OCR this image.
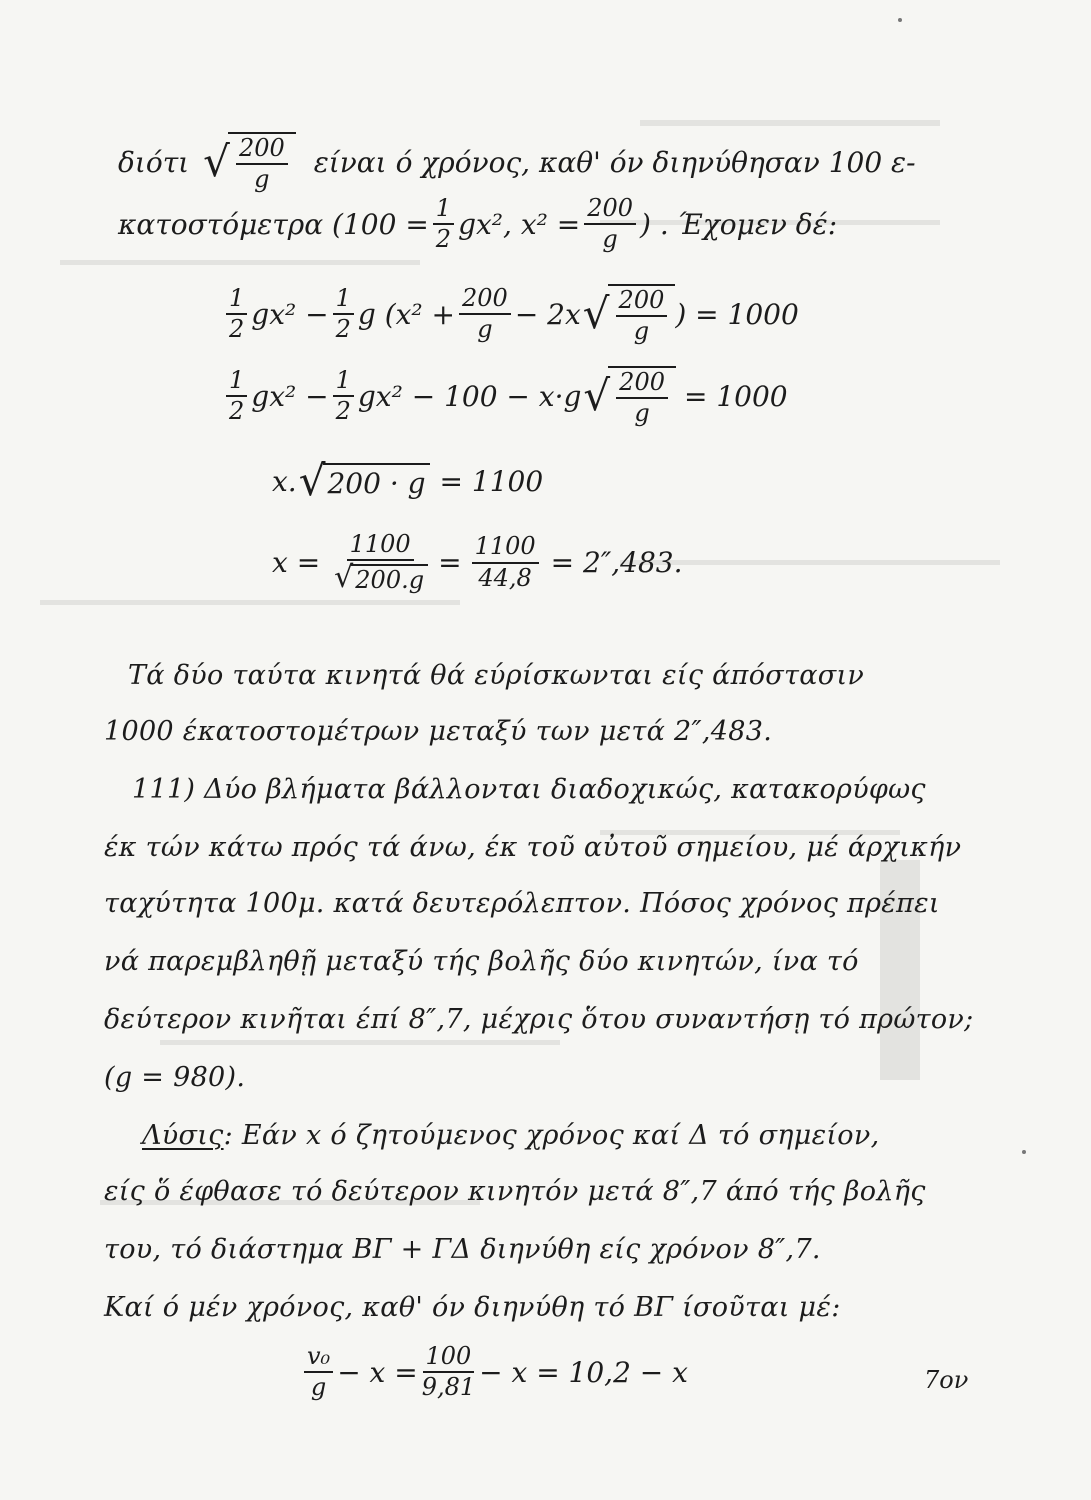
διότι √ $\frac{200}{g}$ είναι ό χρόνος, καθ' όν διηνύθησαν 100 ε-
κατοστόμετρα ($100 = \frac{1}{2} gx^2$, $x^2 = \frac{200}{g}$ ) . Έχομεν δέ:
$\frac{1}{2} gx^2 - \frac{1}{2}$ g ($x^2 + \frac{200}{g} - 2x$ √ $\frac{200}{g}$ ) = 1000
$\frac{1}{2} gx^2 - \frac{1}{2} gx^2 - 100 - x\cdot g$ √ $\frac{200}{g} = 1000$
x. √ 200 · g = 1100
$x = \frac{1100}{√ 200.g} = \frac{1100}{44,8} = 2'',483$.
Τά δύο ταύτα κινητά θά εύρίσκωνται είς άπόστασιν
1000 έκατοστομέτρων μεταξύ των μετά 2″,483.
111) Δύο βλήματα βάλλονται διαδοχικώς, κατακορύφως
έκ τών κάτω πρός τά άνω, έκ τοῦ αὐτοῦ σημείου, μέ άρχικήν
ταχύτητα 100μ. κατά δευτερόλεπτον. Πόσος χρόνος πρέπει
νά παρεμβληθῇ μεταξύ τής βολῆς δύο κινητών, ίνα τό
δεύτερον κινῆται έπί 8″,7, μέχρις ὅτου συναντήσῃ τό πρώτον;
(g = 980).
Λύσις: Εάν x ό ζητούμενος χρόνος καί Δ τό σημείον,
είς ὅ έφθασε τό δεύτερον κινητόν μετά 8″,7 άπό τής βολῆς
του, τό διάστημα ΒΓ + ΓΔ διηνύθη είς χρόνον 8″,7.
Καί ό μέν χρόνος, καθ' όν διηνύθη τό ΒΓ ίσοῦται μέ:
$\frac{\text{v₀}}{g} - x = \frac{100}{9,81} - x = 10,2 - x$	7ον
